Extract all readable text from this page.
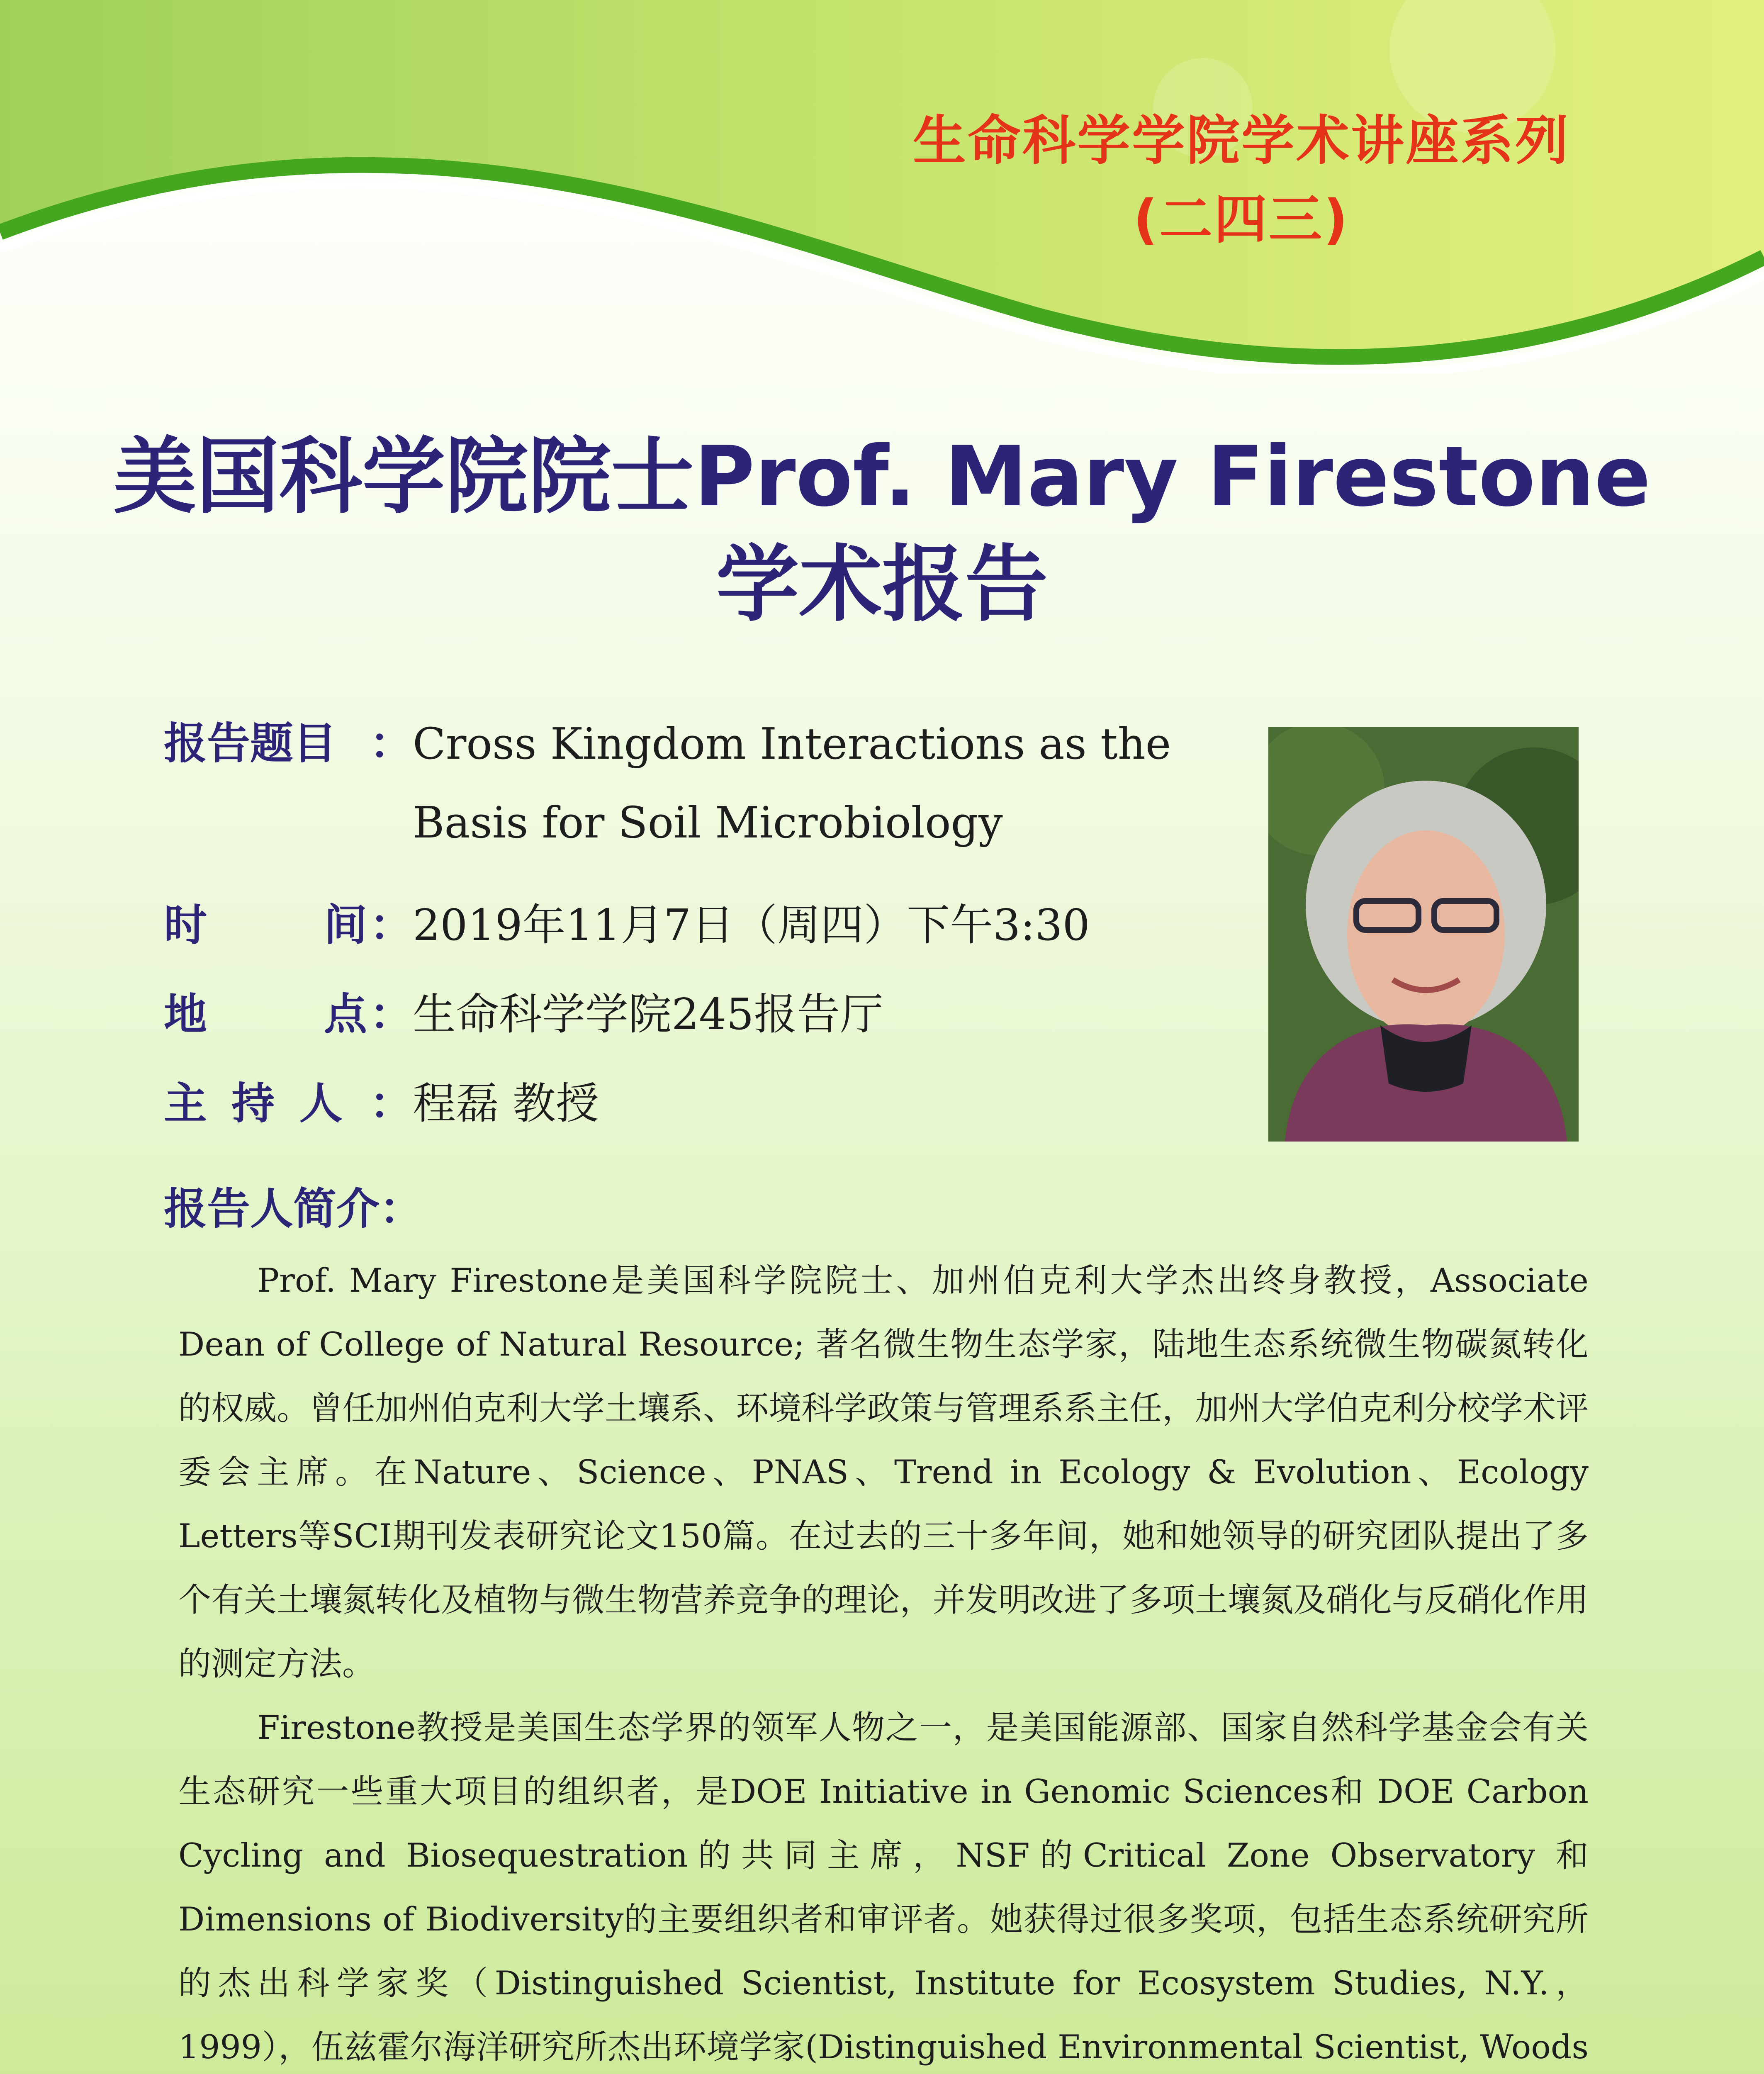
生命科学学院学术讲座系列
(二四三)
美国科学院院士Prof. Mary Firestone
学术报告
报告题目 ： Cross Kingdom Interactions as the Basis for Soil Microbiology
时	间 ： 2019年11月7日（周四）下午3:30
地	点 ： 生命科学学院245报告厅
主 持 人 ： 程磊 教授
报告人简介：

Prof. Mary Firestone是美国科学院院士、加州伯克利大学杰出终身教授，Associate Dean of College of Natural Resource; 著名微生物生态学家，陆地生态系统微生物碳氮转化的权威。曾任加州伯克利大学土壤系、环境科学政策与管理系系主任，加州大学伯克利分校学术评委会主席。在Nature、Science、PNAS、Trend in Ecology & Evolution、Ecology Letters等SCI期刊发表研究论文150篇。在过去的三十多年间，她和她领导的研究团队提出了多个有关土壤氮转化及植物与微生物营养竞争的理论，并发明改进了多项土壤氮及硝化与反硝化作用的测定方法。

Firestone教授是美国生态学界的领军人物之一，是美国能源部、国家自然科学基金会有关生态研究一些重大项目的组织者，是DOE Initiative in Genomic Sciences和 DOE Carbon Cycling and Biosequestration的共同主席，NSF的Critical Zone Observatory 和 Dimensions of Biodiversity的主要组织者和审评者。她获得过很多奖项，包括生态系统研究所的杰出科学家奖（Distinguished Scientist, Institute for Ecosystem Studies, N.Y.，1999），伍兹霍尔海洋研究所杰出环境学家(Distinguished Environmental Scientist, Woods
